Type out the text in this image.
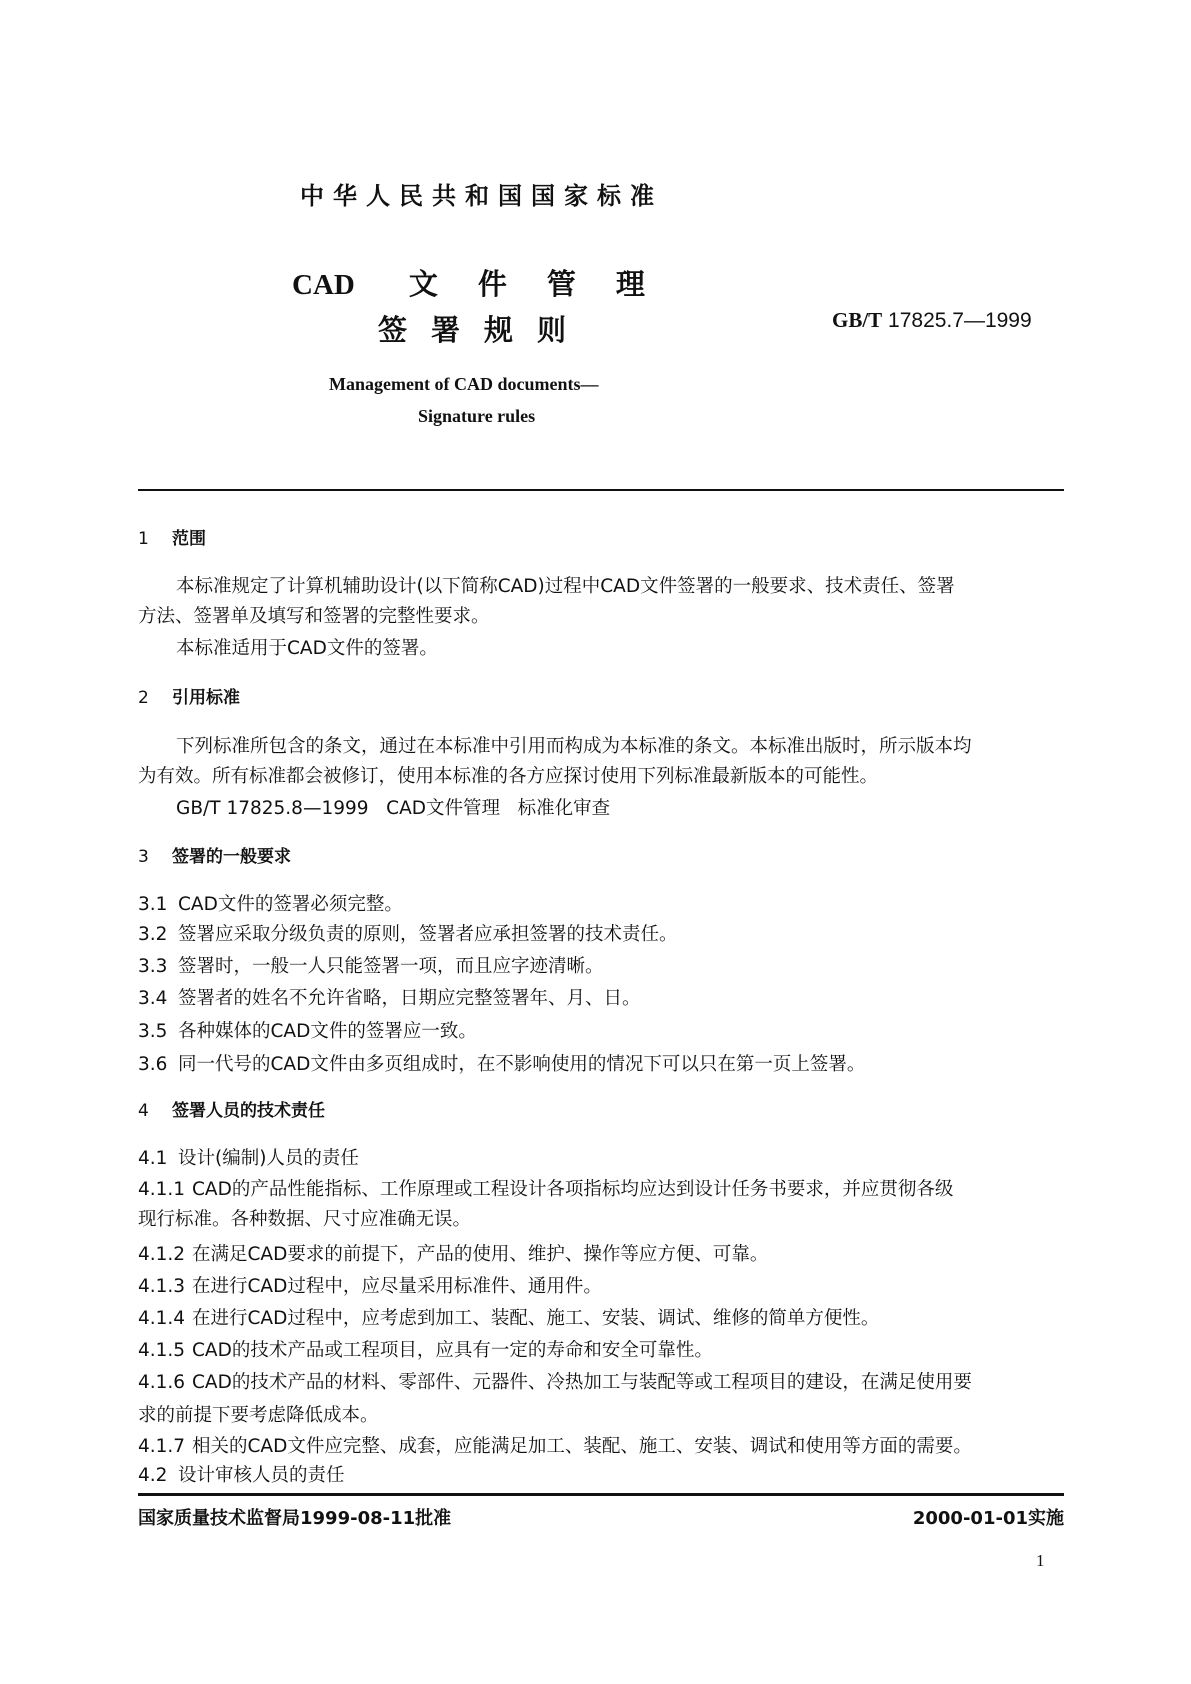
中华人民共和国国家标准
CAD 文 件 管 理
签署规则	GB/T 17825.7—1999
Management of CAD documents—
Signature rules
1 范围
本标准规定了计算机辅助设计(以下简称CAD)过程中CAD文件签署的一般要求、技术责任、签署
方法、签署单及填写和签署的完整性要求。
本标准适用于CAD文件的签署。
2 引用标准
下列标准所包含的条文，通过在本标准中引用而构成为本标准的条文。本标准出版时，所示版本均
为有效。所有标准都会被修订，使用本标准的各方应探讨使用下列标准最新版本的可能性。
GB/T 17825.8—1999   CAD文件管理   标准化审查
3 签署的一般要求
3.1 CAD文件的签署必须完整。
3.2 签署应采取分级负责的原则，签署者应承担签署的技术责任。
3.3 签署时，一般一人只能签署一项，而且应字迹清晰。
3.4 签署者的姓名不允许省略，日期应完整签署年、月、日。
3.5 各种媒体的CAD文件的签署应一致。
3.6 同一代号的CAD文件由多页组成时，在不影响使用的情况下可以只在第一页上签署。
4 签署人员的技术责任
4.1 设计(编制)人员的责任
4.1.1 CAD的产品性能指标、工作原理或工程设计各项指标均应达到设计任务书要求，并应贯彻各级
现行标准。各种数据、尺寸应准确无误。
4.1.2 在满足CAD要求的前提下，产品的使用、维护、操作等应方便、可靠。
4.1.3 在进行CAD过程中，应尽量采用标准件、通用件。
4.1.4 在进行CAD过程中，应考虑到加工、装配、施工、安装、调试、维修的简单方便性。
4.1.5 CAD的技术产品或工程项目，应具有一定的寿命和安全可靠性。
4.1.6 CAD的技术产品的材料、零部件、元器件、冷热加工与装配等或工程项目的建设，在满足使用要
求的前提下要考虑降低成本。
4.1.7 相关的CAD文件应完整、成套，应能满足加工、装配、施工、安装、调试和使用等方面的需要。
4.2 设计审核人员的责任
国家质量技术监督局1999-08-11批准	2000-01-01实施
1
